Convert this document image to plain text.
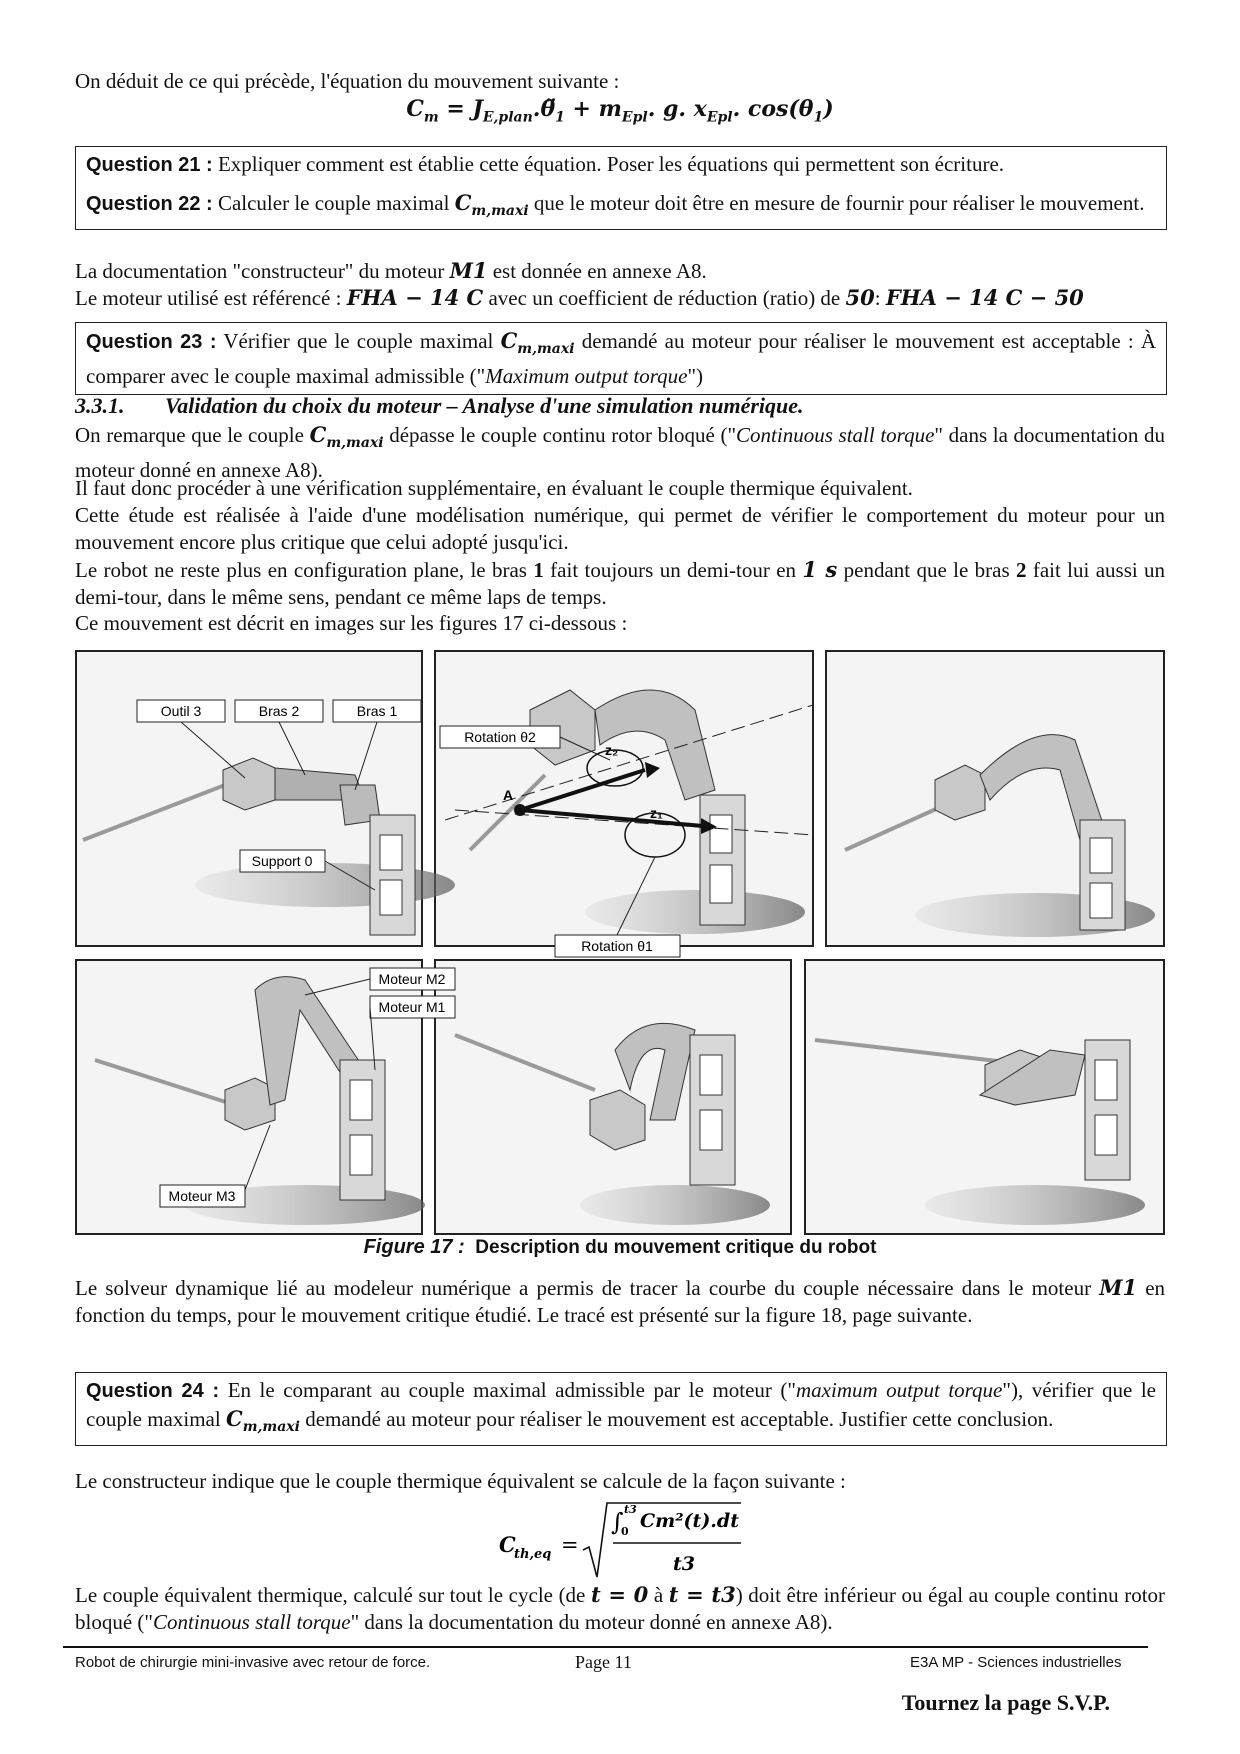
On déduit de ce qui précède, l'équation du mouvement suivante :
$C_m$ = $J_{E,plan}.\thetä_1 + m_{Epl}$. g. $x_{Epl}$. $\cos(\theta_1)$
Question 21 : Expliquer comment est établie cette équation. Poser les équations qui permettent son écriture.
Question 22 : Calculer le couple maximal $C_{m,maxi}$ que le moteur doit être en mesure de fournir pour réaliser le mouvement.
La documentation "constructeur" du moteur M1 est donnée en annexe A8.
Le moteur utilisé est référencé : FHA − 14 C avec un coefficient de réduction (ratio) de 50: FHA − 14 C − 50
Question 23 : Vérifier que le couple maximal $C_{m,maxi}$ demandé au moteur pour réaliser le mouvement est acceptable : À comparer avec le couple maximal admissible ("Maximum output torque")
3.3.1. Validation du choix du moteur – Analyse d'une simulation numérique.
On remarque que le couple $C_{m,maxi}$ dépasse le couple continu rotor bloqué ("Continuous stall torque" dans la documentation du moteur donné en annexe A8).
Il faut donc procéder à une vérification supplémentaire, en évaluant le couple thermique équivalent.
Cette étude est réalisée à l'aide d'une modélisation numérique, qui permet de vérifier le comportement du moteur pour un mouvement encore plus critique que celui adopté jusqu'ici.
Le robot ne reste plus en configuration plane, le bras 1 fait toujours un demi-tour en 1 s pendant que le bras 2 fait lui aussi un demi-tour, dans le même sens, pendant ce même laps de temps.
Ce mouvement est décrit en images sur les figures 17 ci-dessous :
Outil 3	Bras 2	Bras 1
Support 0
A
z₂
z₁
Rotation θ2
Rotation θ1
Moteur M2
Moteur M1
Moteur M3
Figure 17 : Description du mouvement critique du robot
Le solveur dynamique lié au modeleur numérique a permis de tracer la courbe du couple nécessaire dans le moteur M1 en fonction du temps, pour le mouvement critique étudié. Le tracé est présenté sur la figure 18, page suivante.
Question 24 : En le comparant au couple maximal admissible par le moteur ("maximum output torque"), vérifier que le couple maximal $C_{m,maxi}$ demandé au moteur pour réaliser le mouvement est acceptable. Justifier cette conclusion.
Le constructeur indique que le couple thermique équivalent se calcule de la façon suivante :
C
th,eq =
∫ t3
0 Cm²(t).dt
t3
Le couple équivalent thermique, calculé sur tout le cycle (de t = 0 à t = t3) doit être inférieur ou égal au couple continu rotor bloqué ("Continuous stall torque" dans la documentation du moteur donné en annexe A8).
Robot de chirurgie mini-invasive avec retour de force.	Page 11	E3A MP - Sciences industrielles
Tournez la page S.V.P.
